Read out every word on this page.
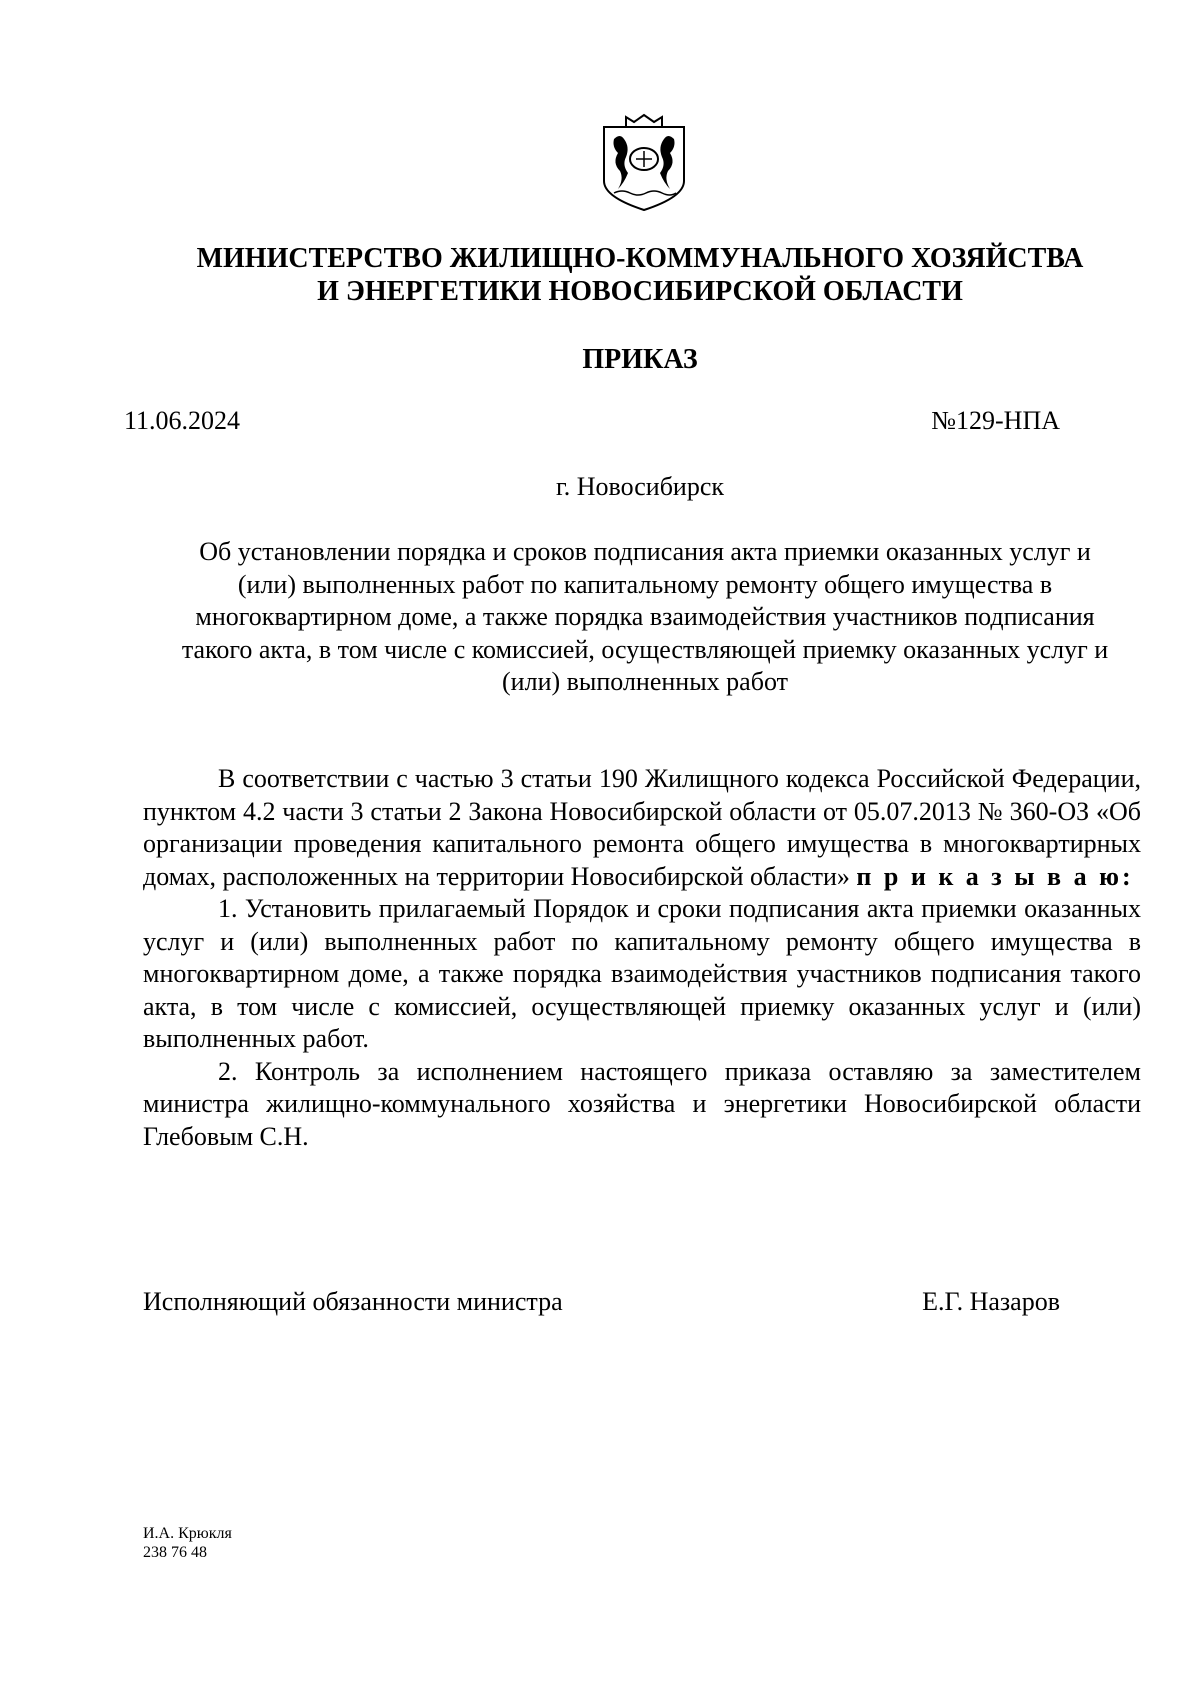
МИНИСТЕРСТВО ЖИЛИЩНО-КОММУНАЛЬНОГО ХОЗЯЙСТВА
И ЭНЕРГЕТИКИ НОВОСИБИРСКОЙ ОБЛАСТИ
ПРИКАЗ
11.06.2024	№129-НПА
г. Новосибирск
Об установлении порядка и сроков подписания акта приемки оказанных услуг и
(или) выполненных работ по капитальному ремонту общего имущества в
многоквартирном доме, а также порядка взаимодействия участников подписания
такого акта, в том числе с комиссией, осуществляющей приемку оказанных услуг и
(или) выполненных работ

В соответствии с частью 3 статьи 190 Жилищного кодекса Российской Федерации, пунктом 4.2 части 3 статьи 2 Закона Новосибирской области от 05.07.2013 № 360-ОЗ «Об организации проведения капитального ремонта общего имущества в многоквартирных домах, расположенных на территории Новосибирской области» п р и к а з ы в а ю:

1. Установить прилагаемый Порядок и сроки подписания акта приемки оказанных услуг и (или) выполненных работ по капитальному ремонту общего имущества в многоквартирном доме, а также порядка взаимодействия участников подписания такого акта, в том числе с комиссией, осуществляющей приемку оказанных услуг и (или) выполненных работ.

2. Контроль за исполнением настоящего приказа оставляю за заместителем министра жилищно-коммунального хозяйства и энергетики Новосибирской области Глебовым С.Н.

Исполняющий обязанности министра	Е.Г. Назаров
И.А. Крюкля
238 76 48
